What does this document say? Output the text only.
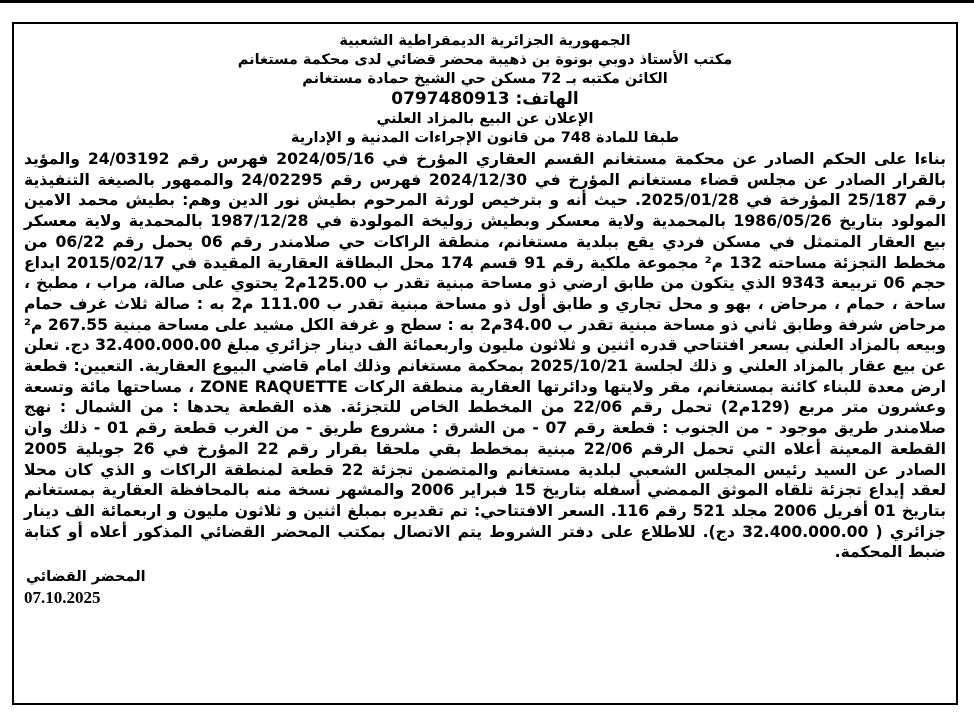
الجمهورية الجزائرية الديمقراطية الشعبية
مكتب الأستاذ دوبي بونوة بن ذهيبة محضر قضائي لدى محكمة مستغانم
الكائن مكتبه بـ 72 مسكن حي الشيخ حمادة مستغانم
الهاتف: 0797480913
الإعلان عن البيع بالمزاد العلني
طبقا للمادة 748 من قانون الإجراءات المدنية و الإدارية
بناءا على الحكم الصادر عن محكمة مستغانم القسم العقاري المؤرخ في 2024/05/16 فهرس رقم 24/03192 والمؤيد بالقرار الصادر عن مجلس قضاء مستغانم المؤرخ في 2024/12/30 فهرس رقم 24/02295 والممهور بالصيغة التنفيذية رقم 25/187 المؤرخة في 2025/01/28. حيث أنه و بترخيص لورثة المرحوم بطيش نور الدين وهم: بطيش محمد الامين المولود بتاريخ 1986/05/26 بالمحمدية ولاية معسكر وبطيش زوليخة المولودة في 1987/12/28 بالمحمدية ولاية معسكر بيع العقار المتمثل في مسكن فردي يقع ببلدية مستغانم، منطقة الراكات حي صلامندر رقم 06 يحمل رقم 06/22 من مخطط التجزئة مساحته 132 م² مجموعة ملكية رقم 91 قسم 174 محل البطاقة العقارية المقيدة في 2015/02/17 ايداع حجم 06 تربيعة 9343 الذي يتكون من طابق ارضي ذو مساحة مبنية تقدر ب 125.00م2 يحتوي على صالة، مراب ، مطبخ ، ساحة ، حمام ، مرحاض ، بهو و محل تجاري و طابق أول ذو مساحة مبنية تقدر ب 111.00 م2 به : صالة ثلاث غرف حمام مرحاض شرفة وطابق ثاني ذو مساحة مبنية تقدر ب 34.00م2 به : سطح و غرفة الكل مشيد على مساحة مبنية 267.55 م² وبيعه بالمزاد العلني بسعر افتتاحي قدره اثنين و ثلاثون مليون واربعمائة الف دينار جزائري مبلغ 32.400.000.00 دج. تعلن عن بيع عقار بالمزاد العلني و ذلك لجلسة 2025/10/21 بمحكمة مستغانم وذلك امام قاضي البيوع العقارية. التعيين: قطعة ارض معدة للبناء كائنة بمستغانم، مقر ولايتها ودائرتها العقارية منطقة الركات ZONE RAQUETTE ، مساحتها مائة وتسعة وعشرون متر مربع (129م2) تحمل رقم 22/06 من المخطط الخاص للتجزئة. هذه القطعة يحدها : من الشمال : نهج صلامندر طريق موجود - من الجنوب : قطعة رقم 07 - من الشرق : مشروع طريق - من الغرب قطعة رقم 01 - ذلك وان القطعة المعينة أعلاه التي تحمل الرقم 22/06 مبنية بمخطط بقي ملحقا بقرار رقم 22 المؤرخ في 26 جويلية 2005 الصادر عن السيد رئيس المجلس الشعبي لبلدية مستغانم والمتضمن تجزئة 22 قطعة لمنطقة الراكات و الذي كان محلا لعقد إيداع تجزئة تلقاه الموثق الممضي أسفله بتاريخ 15 فبراير 2006 والمشهر نسخة منه بالمحافظة العقارية بمستغانم بتاريخ 01 أفريل 2006 مجلد 521 رقم 116. السعر الافتتاحي: تم تقديره بمبلغ اثنين و ثلاثون مليون و اربعمائة الف دينار جزائري ( 32.400.000.00 دج). للاطلاع على دفتر الشروط يتم الاتصال بمكتب المحضر القضائي المذكور أعلاه أو كتابة ضبط المحكمة.
المحضر القضائي
07.10.2025
